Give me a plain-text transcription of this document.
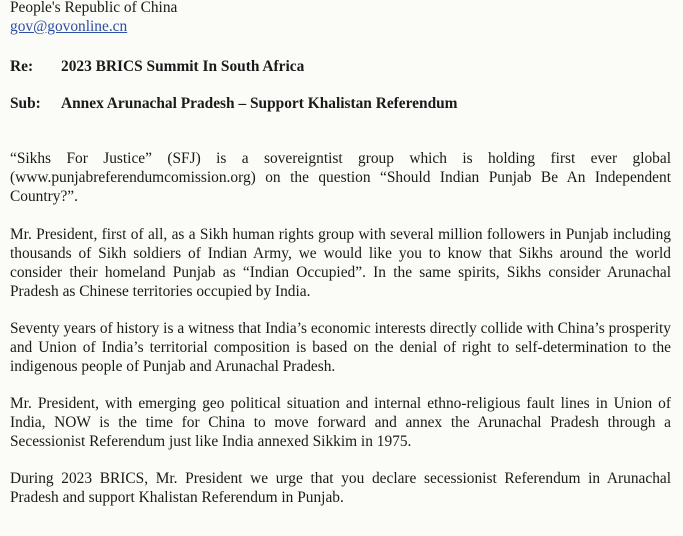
People's Republic of China
gov@govonline.cn
Re:	2023 BRICS Summit In South Africa
Sub:	Annex Arunachal Pradesh – Support Khalistan Referendum

“Sikhs For Justice” (SFJ) is a sovereigntist group which is holding first ever global (www.punjabreferendumcomission.org) on the question “Should Indian Punjab Be An Independent Country?”.

Mr. President, first of all, as a Sikh human rights group with several million followers in Punjab including thousands of Sikh soldiers of Indian Army, we would like you to know that Sikhs around the world consider their homeland Punjab as “Indian Occupied”. In the same spirits, Sikhs consider Arunachal Pradesh as Chinese territories occupied by India.

Seventy years of history is a witness that India’s economic interests directly collide with China’s prosperity and Union of India’s territorial composition is based on the denial of right to self-determination to the indigenous people of Punjab and Arunachal Pradesh.

Mr. President, with emerging geo political situation and internal ethno-religious fault lines in Union of India, NOW is the time for China to move forward and annex the Arunachal Pradesh through a Secessionist Referendum just like India annexed Sikkim in 1975.

During 2023 BRICS, Mr. President we urge that you declare secessionist Referendum in Arunachal Pradesh and support Khalistan Referendum in Punjab.
